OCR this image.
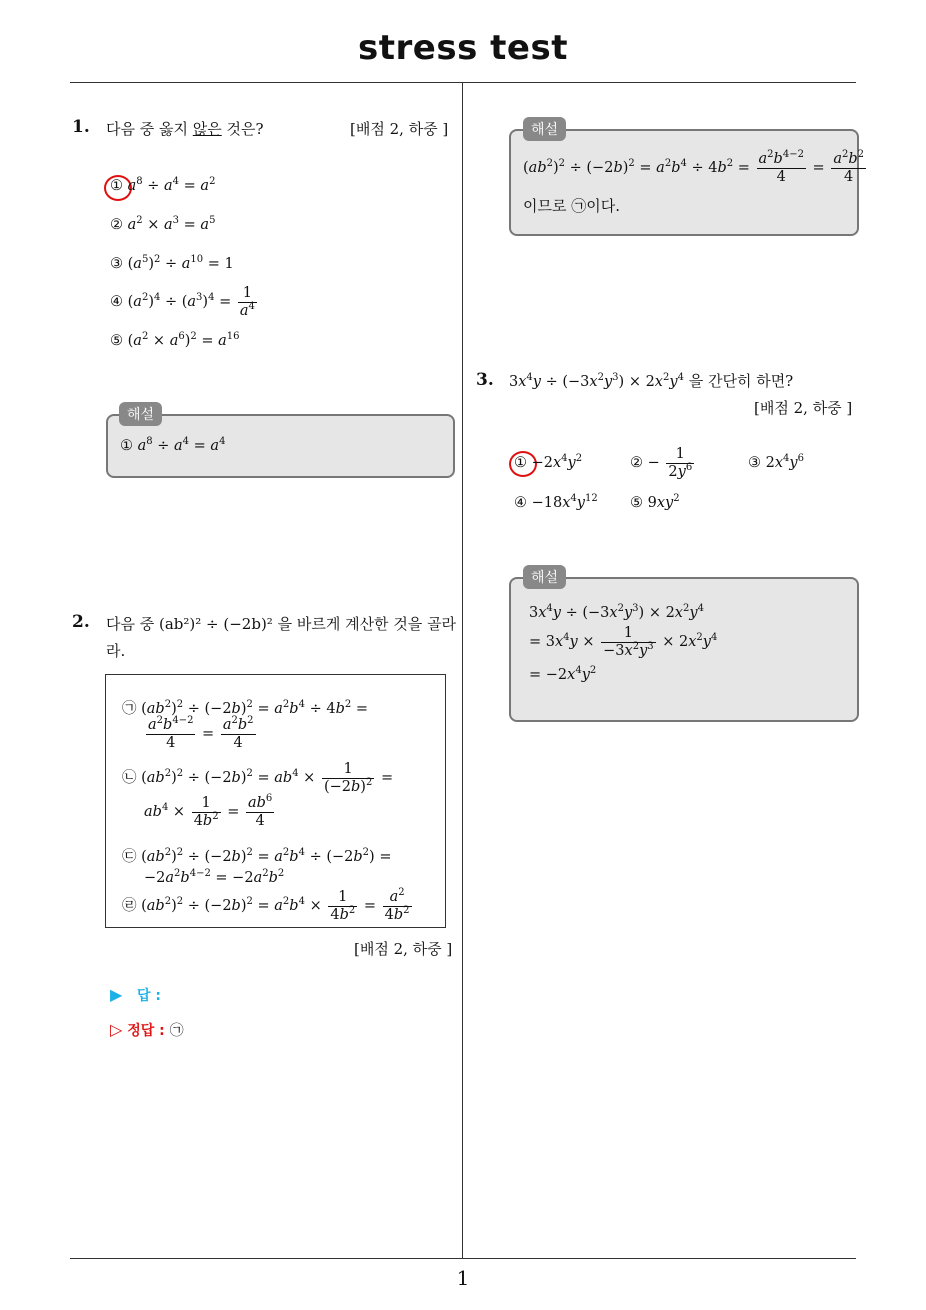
stress test
1
1. 다음 중 옳지 않은 것은?	[배점 2, 하중 ]
① $a^8 \div a^4 = a^2$
② $a^2 \times a^3 = a^5$
③ $(a^5)^2 \div a^{10} = 1$
④ $(a^2)^4 \div (a^3)^4 = \frac{1}{a^4}$
⑤ $(a^2 \times a^6)^2 = a^{16}$
① $a^8 \div a^4 = a^4$
해설
2. 다음 중 (ab²)² ÷ (−2b)² 을 바르게 계산한 것을 골라
라.
㉠ $(ab^2)^2 \div (-2b)^2 = a^2b^4 \div 4b^2$ =
$\frac{a^2b^{4-2}}{4} = \frac{a^2b^2}{4}$
㉡ $(ab^2)^2 \div (-2b)^2 = ab^4 \times \frac{1}{(-2b)^2}$ =
$ab^4 \times \frac{1}{4b^2} = \frac{ab^6}{4}$
㉢ $(ab^2)^2 \div (-2b)^2 = a^2b^4 \div (-2b^2)$ =
$-2a^2b^{4-2} = -2a^2b^2$
㉣ $(ab^2)^2 \div (-2b)^2 = a^2b^4 \times \frac{1}{4b^2} = \frac{a^2}{4b^2}$
[배점 2, 하중 ]
▶ 답 :
▷ 정답 : ㉠
$(ab^2)^2 \div (-2b)^2 = a^2b^4 \div 4b^2 = \frac{a^2b^{4-2}}{4} = \frac{a^2b^2}{4}$
이므로 ㉠이다.
해설
3. $3x^4y \div (-3x^2y^3) \times 2x^2y^4$ 을 간단히 하면?
[배점 2, 하중 ]
① $-2x^4y^2$	② − $\frac{1}{2y^6}$	③ $2x^4y^6$
④ $-18x^4y^{12}$ ⑤ $9xy^2$
$3x^4y \div (-3x^2y^3) \times 2x^2y^4$
= $3x^4y \times \frac{1}{-3x^2y^3} \times 2x^2y^4$
= $-2x^4y^2$
해설
